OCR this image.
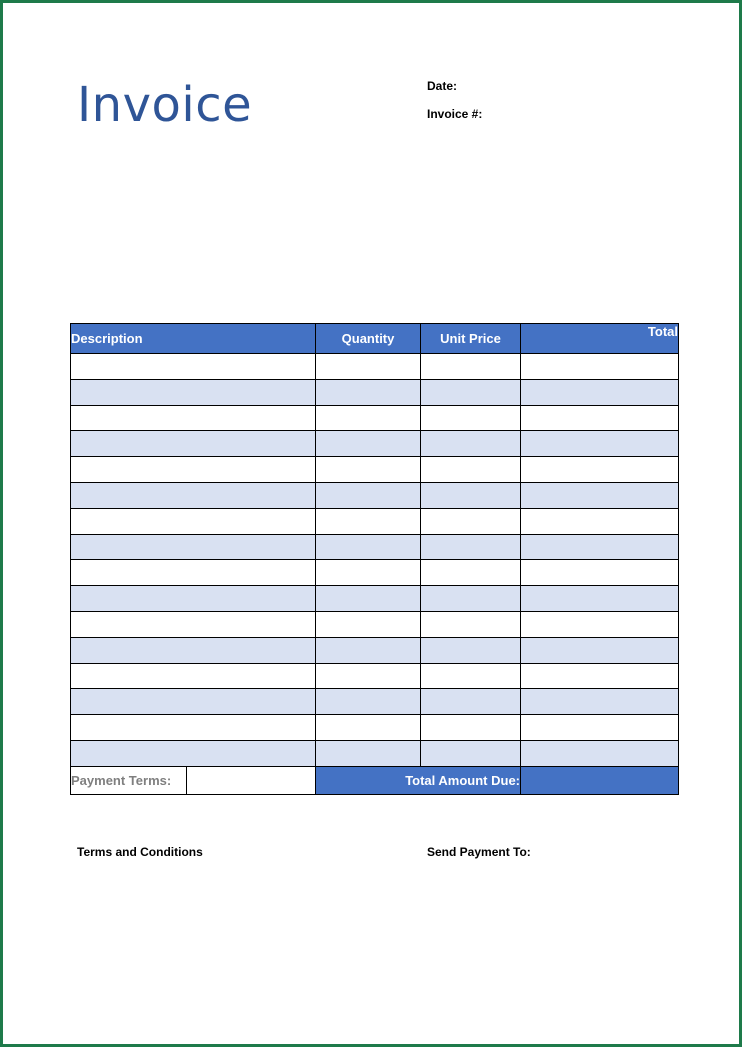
Invoice	Date:
Invoice #:
Description		Quantity	Unit Price	Total

Payment Terms:		Total Amount Due:		
Terms and Conditions	Send Payment To:
